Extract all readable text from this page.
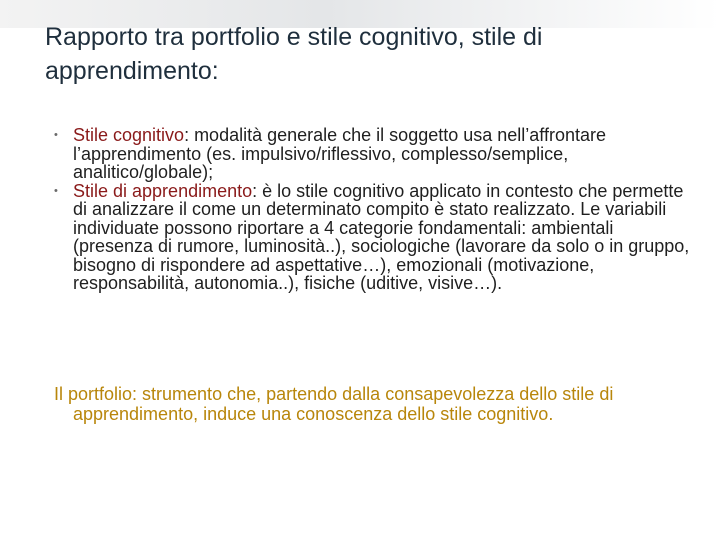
Rapporto tra portfolio e stile cognitivo, stile di apprendimento:
• Stile cognitivo: modalità generale che il soggetto usa nell’affrontare l’apprendimento (es. impulsivo/riflessivo, complesso/semplice, analitico/globale);
• Stile di apprendimento: è lo stile cognitivo applicato in contesto che permette di analizzare il come un determinato compito è stato realizzato. Le variabili individuate possono riportare a 4 categorie fondamentali: ambientali (presenza di rumore, luminosità..), sociologiche (lavorare da solo o in gruppo, bisogno di rispondere ad aspettative…), emozionali (motivazione, responsabilità, autonomia..), fisiche (uditive, visive…).

Il portfolio: strumento che, partendo dalla consapevolezza dello stile di apprendimento, induce una conoscenza dello stile cognitivo.
